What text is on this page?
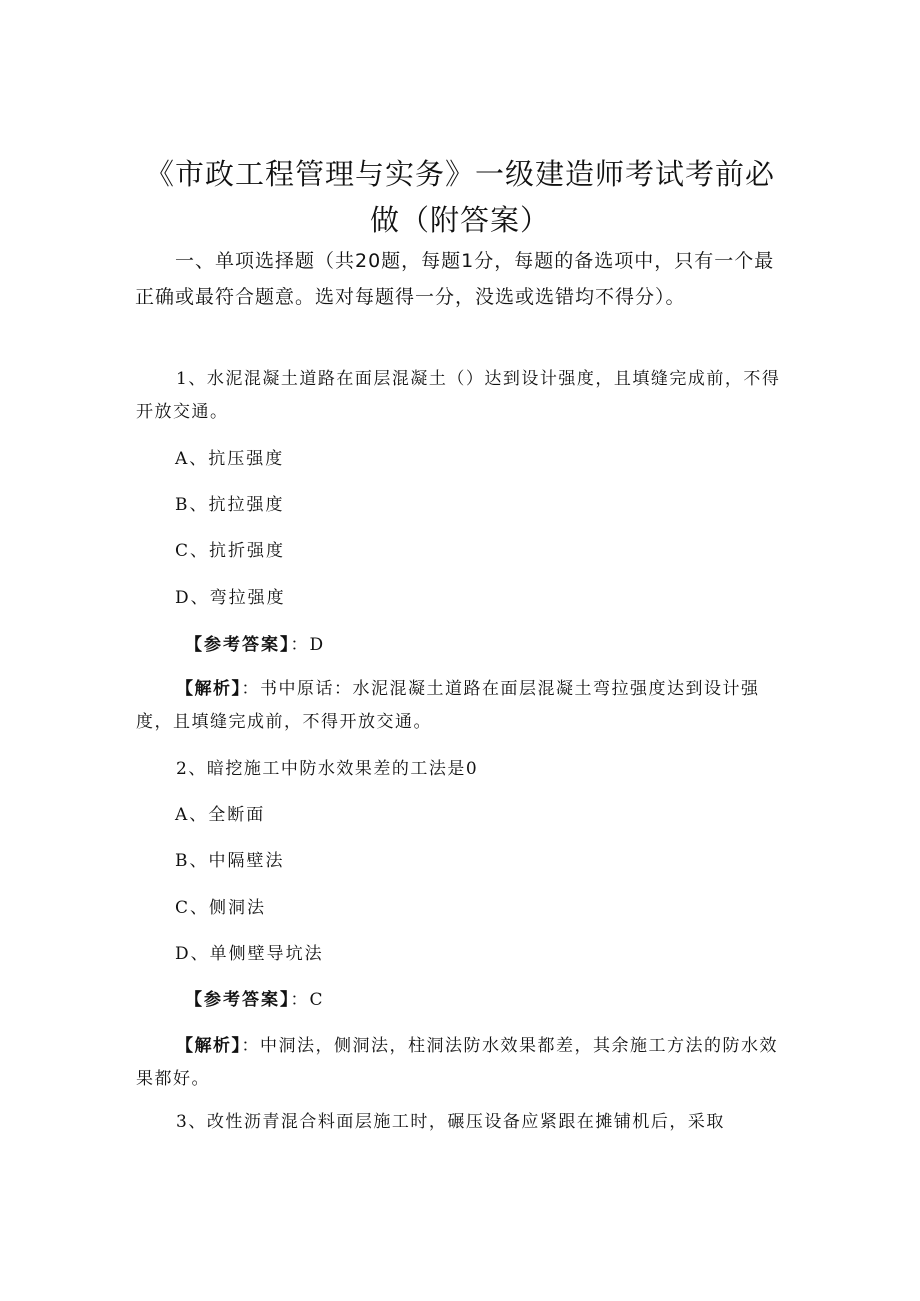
《市政工程管理与实务》一级建造师考试考前必
做（附答案）
一、单项选择题（共20题，每题1分，每题的备选项中，只有一个最正确或最符合题意。选对每题得一分，没选或选错均不得分）。
1、水泥混凝土道路在面层混凝土（）达到设计强度，且填缝完成前，不得开放交通。
A、抗压强度
B、抗拉强度
C、抗折强度
D、弯拉强度
【参考答案】：D
【解析】：书中原话：水泥混凝土道路在面层混凝土弯拉强度达到设计强度，且填缝完成前，不得开放交通。
2、暗挖施工中防水效果差的工法是0
A、全断面
B、中隔壁法
C、侧洞法
D、单侧壁导坑法
【参考答案】：C
【解析】：中洞法，侧洞法，柱洞法防水效果都差，其余施工方法的防水效果都好。
3、改性沥青混合料面层施工时，碾压设备应紧跟在摊铺机后，采取
